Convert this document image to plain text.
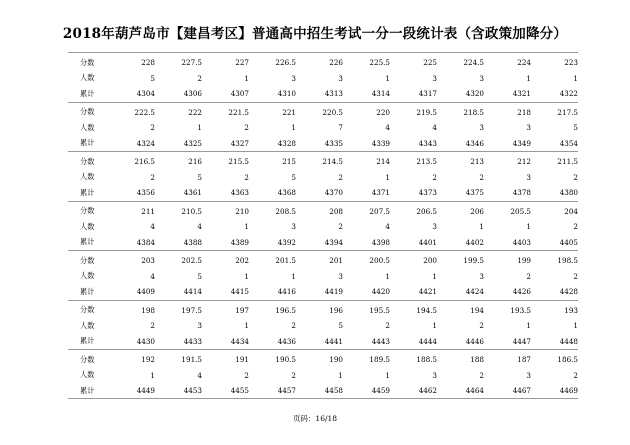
2018年葫芦岛市【建昌考区】普通高中招生考试一分一段统计表（含政策加降分）
分数	228	227.5	227	226.5	226	225.5	225	224.5	224	223
人数	5	2	1	3	3	1	3	3	1	1
累计	4304	4306	4307	4310	4313	4314	4317	4320	4321	4322
分数	222.5	222	221.5	221	220.5	220	219.5	218.5	218	217.5
人数	2	1	2	1	7	4	4	3	3	5
累计	4324	4325	4327	4328	4335	4339	4343	4346	4349	4354
分数	216.5	216	215.5	215	214.5	214	213.5	213	212	211.5
人数	2	5	2	5	2	1	2	2	3	2
累计	4356	4361	4363	4368	4370	4371	4373	4375	4378	4380
分数	211	210.5	210	208.5	208	207.5	206.5	206	205.5	204
人数	4	4	1	3	2	4	3	1	1	2
累计	4384	4388	4389	4392	4394	4398	4401	4402	4403	4405
分数	203	202.5	202	201.5	201	200.5	200	199.5	199	198.5
人数	4	5	1	1	3	1	1	3	2	2
累计	4409	4414	4415	4416	4419	4420	4421	4424	4426	4428
分数	198	197.5	197	196.5	196	195.5	194.5	194	193.5	193
人数	2	3	1	2	5	2	1	2	1	1
累计	4430	4433	4434	4436	4441	4443	4444	4446	4447	4448
分数	192	191.5	191	190.5	190	189.5	188.5	188	187	186.5
人数	1	4	2	2	1	1	3	2	3	2
累计	4449	4453	4455	4457	4458	4459	4462	4464	4467	4469
页码：16/18
